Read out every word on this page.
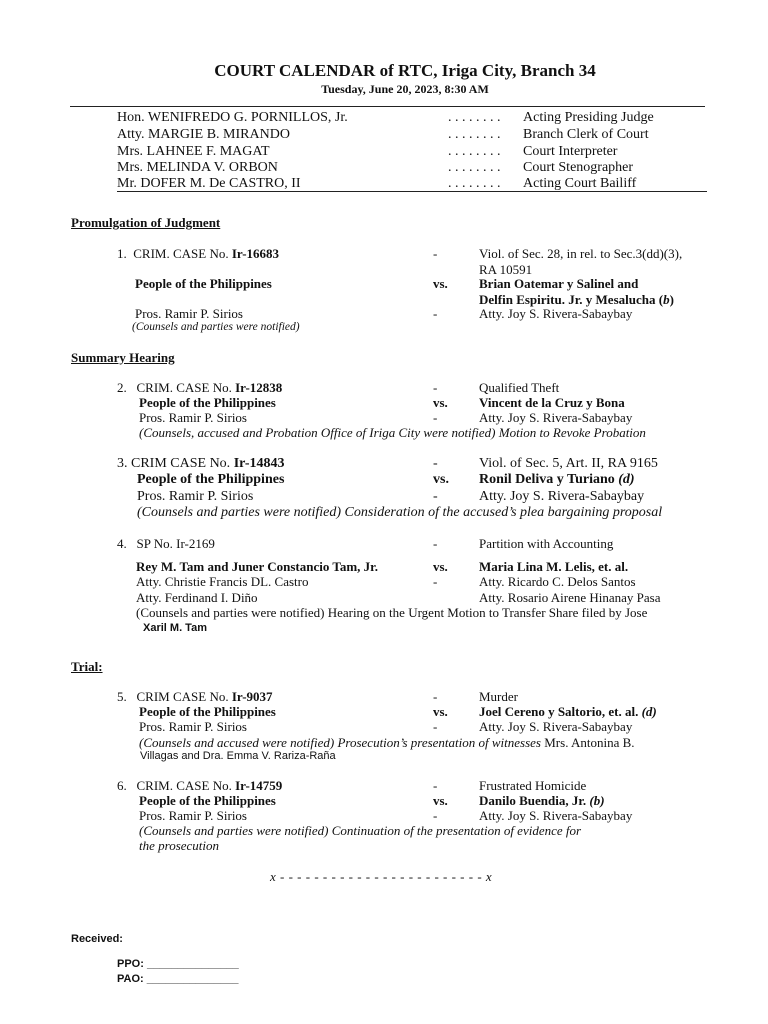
COURT CALENDAR of RTC, Iriga City, Branch 34
Tuesday, June 20, 2023, 8:30 AM
Hon. WENIFREDO G. PORNILLOS, Jr.	. . . . . . . . Acting Presiding Judge
Atty. MARGIE B. MIRANDO	. . . . . . . . Branch Clerk of Court
Mrs. LAHNEE F. MAGAT	. . . . . . . . Court Interpreter
Mrs. MELINDA V. ORBON	. . . . . . . . Court Stenographer
Mr. DOFER M. De CASTRO, II	. . . . . . . . Acting Court Bailiff
Promulgation of Judgment
1. CRIM. CASE No. Ir-16683	-	Viol. of Sec. 28, in rel. to Sec.3(dd)(3),
RA 10591
People of the Philippines	vs. Brian Oatemar y Salinel and
Delfin Espiritu. Jr. y Mesalucha (b)
Pros. Ramir P. Sirios	-	Atty. Joy S. Rivera-Sabaybay
(Counsels and parties were notified)
Summary Hearing
2. CRIM. CASE No. Ir-12838	-	Qualified Theft
People of the Philippines	vs. Vincent de la Cruz y Bona
Pros. Ramir P. Sirios	-	Atty. Joy S. Rivera-Sabaybay
(Counsels, accused and Probation Office of Iriga City were notified) Motion to Revoke Probation
3. CRIM CASE No. Ir-14843	-	Viol. of Sec. 5, Art. II, RA 9165
People of the Philippines	vs. Ronil Deliva y Turiano (d)
Pros. Ramir P. Sirios	-	Atty. Joy S. Rivera-Sabaybay
(Counsels and parties were notified) Consideration of the accused’s plea bargaining proposal
4. SP No. Ir-2169	-	Partition with Accounting
Rey M. Tam and Juner Constancio Tam, Jr.	vs. Maria Lina M. Lelis, et. al.
Atty. Christie Francis DL. Castro	-	Atty. Ricardo C. Delos Santos
Atty. Ferdinand I. Diño	Atty. Rosario Airene Hinanay Pasa
(Counsels and parties were notified) Hearing on the Urgent Motion to Transfer Share filed by Jose
Xaril M. Tam
Trial:
5. CRIM CASE No. Ir-9037	-	Murder
People of the Philippines	vs. Joel Cereno y Saltorio, et. al. (d)
Pros. Ramir P. Sirios	-	Atty. Joy S. Rivera-Sabaybay
(Counsels and accused were notified) Prosecution’s presentation of witnesses Mrs. Antonina B.
Villagas and Dra. Emma V. Rariza-Raña
6. CRIM. CASE No. Ir-14759	-	Frustrated Homicide
People of the Philippines	vs. Danilo Buendia, Jr. (b)
Pros. Ramir P. Sirios	-	Atty. Joy S. Rivera-Sabaybay
(Counsels and parties were notified) Continuation of the presentation of evidence for
the prosecution
x - - - - - - - - - - - - - - - - - - - - - - - - x
Received:
PPO: _______________
PAO: _______________
